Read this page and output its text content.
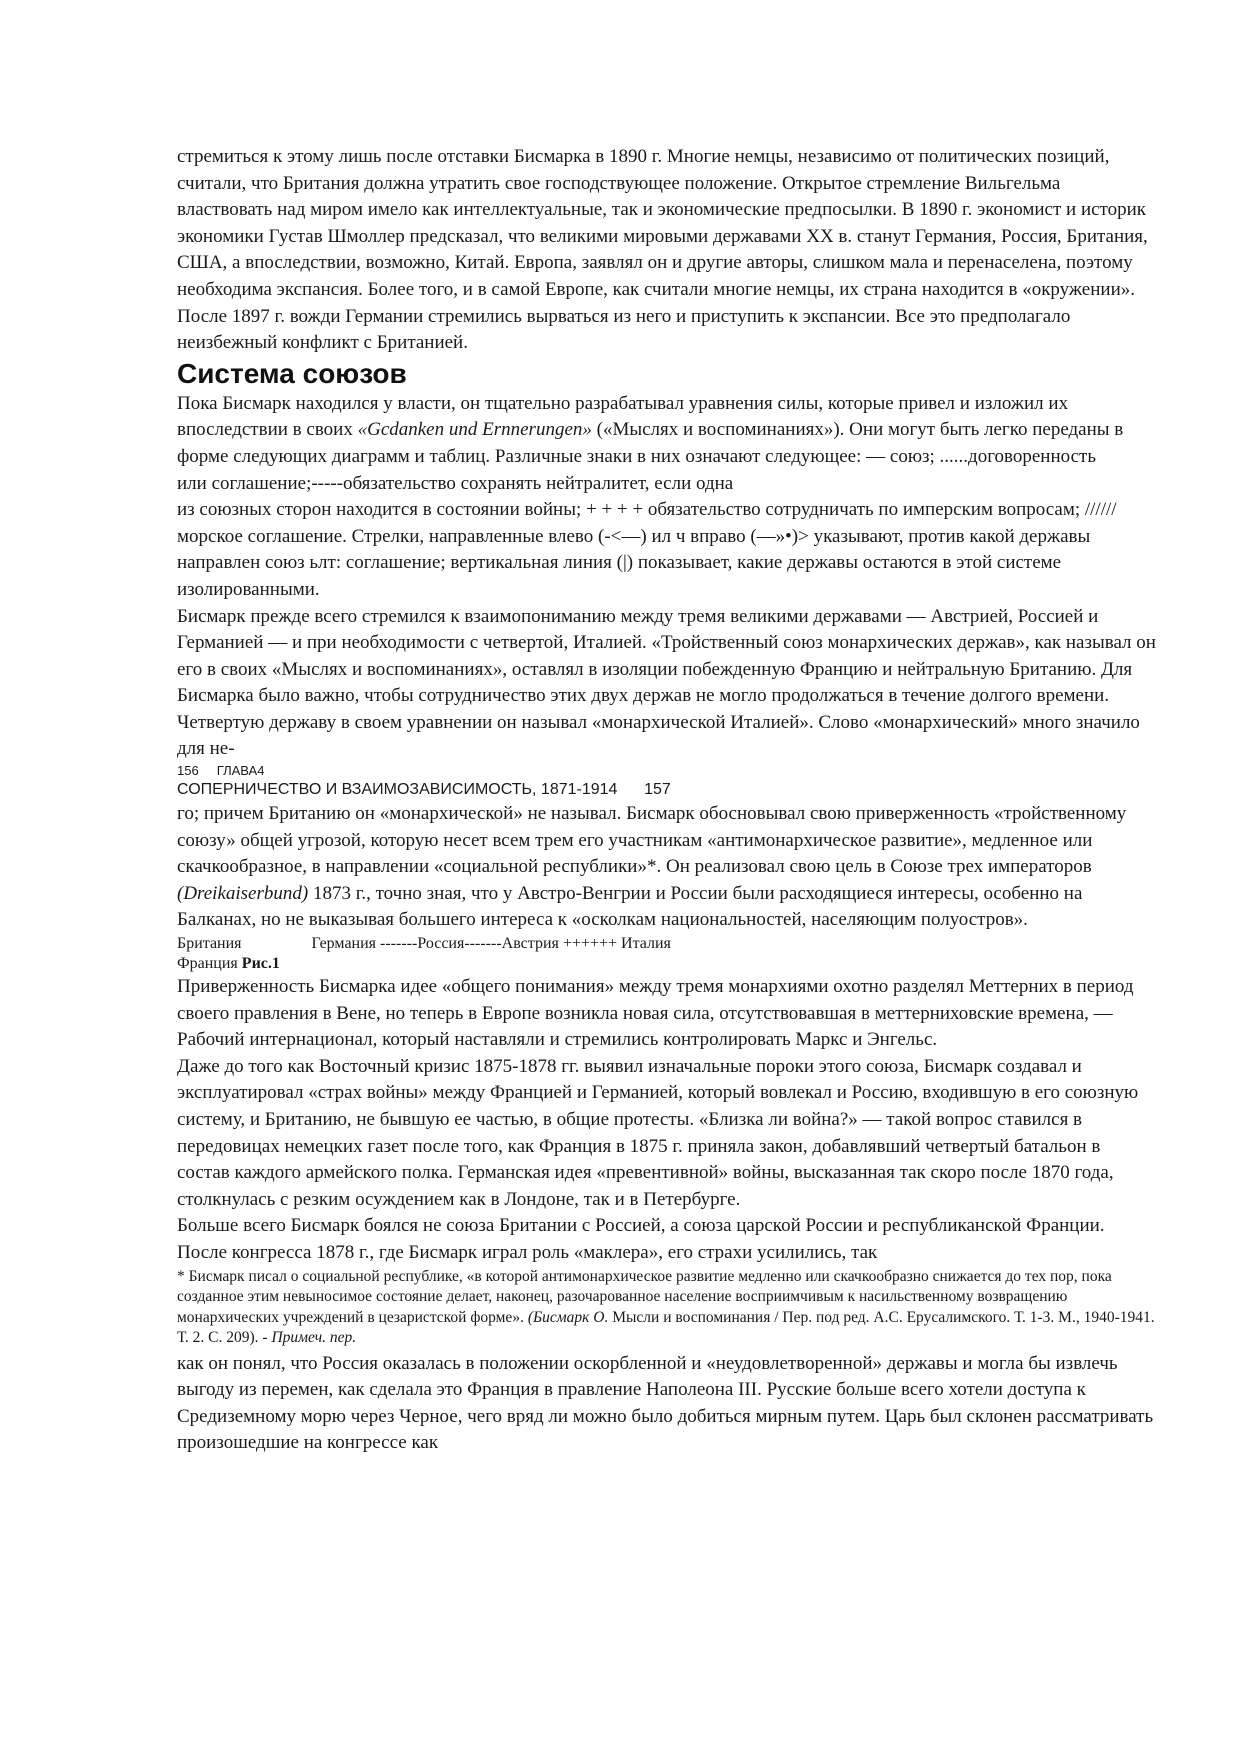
стремиться к этому лишь после отставки Бисмарка в 1890 г. Многие немцы, независимо от политических позиций, считали, что Британия должна утратить свое господствующее положение. Открытое стремление Вильгельма властвовать над миром имело как интеллектуальные, так и экономические предпосылки. В 1890 г. экономист и историк экономики Густав Шмоллер предсказал, что великими мировыми державами XX в. станут Германия, Россия, Британия, США, а впоследствии, возможно, Китай. Европа, заявлял он и другие авторы, слишком мала и перенаселена, поэтому необходима экспансия. Более того, и в самой Европе, как считали многие немцы, их страна находится в «окружении». После 1897 г. вожди Германии стремились вырваться из него и приступить к экспансии. Все это предполагало неизбежный конфликт с Британией.

Система союзов

Пока Бисмарк находился у власти, он тщательно разрабатывал уравнения силы, которые привел и изложил их впоследствии в своих «Gcdanken und Ernnerungen» («Мыслях и воспоминаниях»). Они могут быть легко переданы в форме следующих диаграмм и таблиц. Различные знаки в них означают следующее: — союз; ......договоренность

или соглашение;-----обязательство сохранять нейтралитет, если одна

из союзных сторон находится в состоянии войны; + + + + обязательство сотрудничать по имперским вопросам; ////// морское соглашение. Стрелки, направленные влево (-<—) ил ч вправо (—»•)> указывают, против какой державы направлен союз ьлт: соглашение; вертикальная линия (|) показывает, какие державы остаются в этой системе изолированными.

Бисмарк прежде всего стремился к взаимопониманию между тремя великими державами — Австрией, Россией и Германией — и при необходимости с четвертой, Италией. «Тройственный союз монархических держав», как называл он его в своих «Мыслях и воспоминаниях», оставлял в изоляции побежденную Францию и нейтральную Британию. Для Бисмарка было важно, чтобы сотрудничество этих двух держав не могло продолжаться в течение долгого времени. Четвертую державу в своем уравнении он называл «монархической Италией». Слово «монархический» много значило для не-

156 ГЛАВА4

СОПЕРНИЧЕСТВО И ВЗАИМОЗАВИСИМОСТЬ, 1871-1914      157

го; причем Британию он «монархической» не называл. Бисмарк обосновывал свою приверженность «тройственному союзу» общей угрозой, которую несет всем трем его участникам «антимонархическое развитие», медленное или скачкообразное, в направлении «социальной республики»*. Он реализовал свою цель в Союзе трех императоров (Dreikaiserbund) 1873 г., точно зная, что у Австро-Венгрии и России были расходящиеся интересы, особенно на Балканах, но не выказывая большего интереса к «осколкам национальностей, населяющим полуостров».

Британия	Германия -------Россия-------Австрия ++++++ Италия

Франция Рис.1

Приверженность Бисмарка идее «общего понимания» между тремя монархиями охотно разделял Меттерних в период своего правления в Вене, но теперь в Европе возникла новая сила, отсутствовавшая в меттерниховские времена, — Рабочий интернационал, который наставляли и стремились контролировать Маркс и Энгельс.

Даже до того как Восточный кризис 1875-1878 гг. выявил изначальные пороки этого союза, Бисмарк создавал и эксплуатировал «страх войны» между Францией и Германией, который вовлекал и Россию, входившую в его союзную систему, и Британию, не бывшую ее частью, в общие протесты. «Близка ли война?» — такой вопрос ставился в передовицах немецких газет после того, как Франция в 1875 г. приняла закон, добавлявший четвертый батальон в состав каждого армейского полка. Германская идея «превентивной» войны, высказанная так скоро после 1870 года, столкнулась с резким осуждением как в Лондоне, так и в Петербурге.

Больше всего Бисмарк боялся не союза Британии с Россией, а союза царской России и республиканской Франции. После конгресса 1878 г., где Бисмарк играл роль «маклера», его страхи усилились, так

* Бисмарк писал о социальной республике, «в которой антимонархическое развитие медленно или скачкообразно снижается до тех пор, пока созданное этим невыносимое состояние делает, наконец, разочарованное население восприимчивым к насильственному возвращению монархических учреждений в цезаристской форме». (Бисмарк О. Мысли и воспоминания / Пер. под ред. А.С. Ерусалимского. Т. 1-3. М., 1940-1941. Т. 2. С. 209). - Примеч. пер.

как он понял, что Россия оказалась в положении оскорбленной и «неудовлетворенной» державы и могла бы извлечь выгоду из перемен, как сделала это Франция в правление Наполеона III. Русские больше всего хотели доступа к Средиземному морю через Черное, чего вряд ли можно было добиться мирным путем. Царь был склонен рассматривать произошедшие на конгрессе как
